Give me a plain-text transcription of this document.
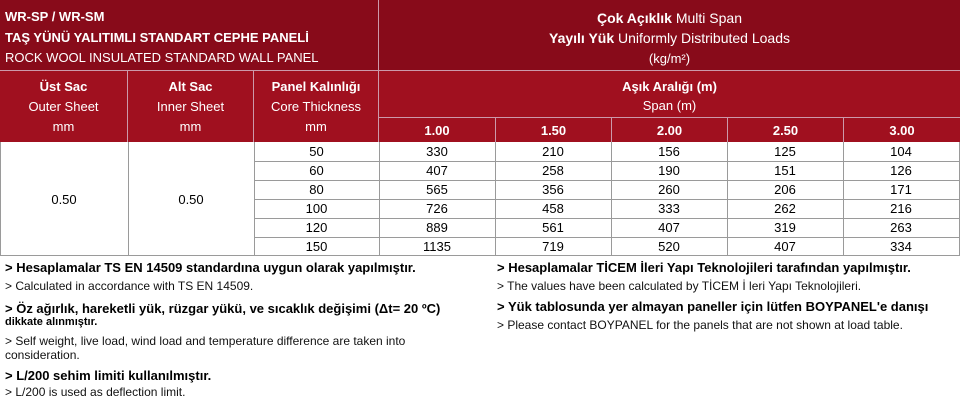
WR-SP / WR-SM
TAŞ YÜNÜ YALITIMLI STANDART CEPHE PANELİ
ROCK WOOL INSULATED STANDARD WALL PANEL
Çok Açıklık Multi Span
Yayılı Yük Uniformly Distributed Loads
(kg/m²)
Üst Sac
Outer Sheet
mm
Alt Sac
Inner Sheet
mm
Panel Kalınlığı
Core Thickness
mm
Aşık Aralığı (m)
Span (m)
1.00	1.50	2.00	2.50	3.00
0.50	0.50
50	330	210	156	125	104
60	407	258	190	151	126
80	565	356	260	206	171
100	726	458	333	262	216
120	889	561	407	319	263
150	1135	719	520	407	334
> Hesaplamalar TS EN 14509 standardına uygun olarak yapılmıştır.
> Calculated in accordance with TS EN 14509.
> Öz ağırlık, hareketli yük, rüzgar yükü, ve sıcaklık değişimi (Δt= 20 ºC)
dikkate alınmıştır.
> Self weight, live load, wind load and temperature difference are taken into
consideration.
> L/200 sehim limiti kullanılmıştır.
> L/200 is used as deflection limit.
> Hesaplamalar TİCEM İleri Yapı Teknolojileri tarafından yapılmıştır.
> The values have been calculated by TİCEM İ leri Yapı Teknolojileri.
> Yük tablosunda yer almayan paneller için lütfen BOYPANEL'e danışı
> Please contact BOYPANEL for the panels that are not shown at load table.
